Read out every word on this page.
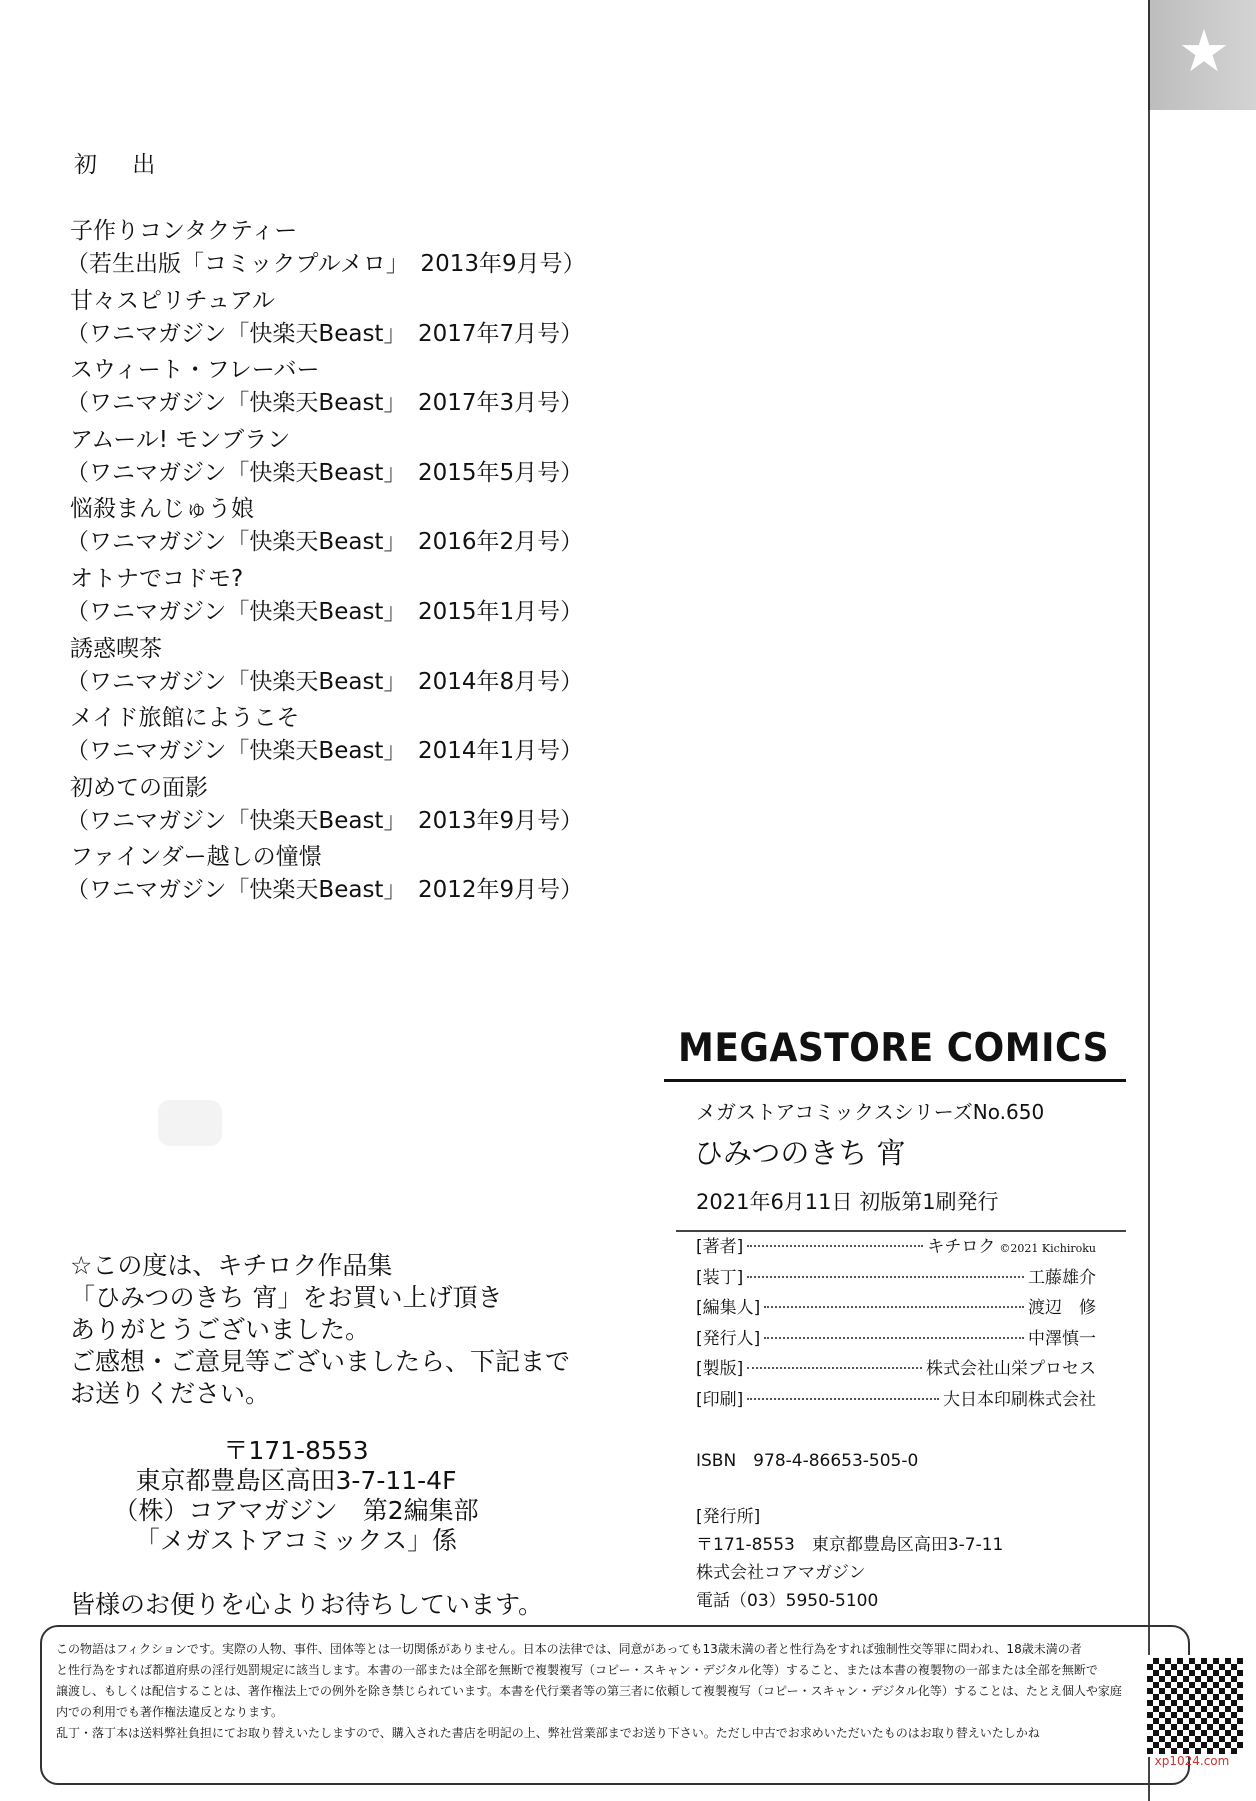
★
初 出
子作りコンタクティー
（若生出版「コミックプルメロ」　2013年9月号）
甘々スピリチュアル
（ワニマガジン「快楽天Beast」　2017年7月号）
スウィート・フレーバー
（ワニマガジン「快楽天Beast」　2017年3月号）
アムール! モンブラン
（ワニマガジン「快楽天Beast」　2015年5月号）
悩殺まんじゅう娘
（ワニマガジン「快楽天Beast」　2016年2月号）
オトナでコドモ?
（ワニマガジン「快楽天Beast」　2015年1月号）
誘惑喫茶
（ワニマガジン「快楽天Beast」　2014年8月号）
メイド旅館にようこそ
（ワニマガジン「快楽天Beast」　2014年1月号）
初めての面影
（ワニマガジン「快楽天Beast」　2013年9月号）
ファインダー越しの憧憬
（ワニマガジン「快楽天Beast」　2012年9月号）
MEGASTORE COMICS
メガストアコミックスシリーズNo.650
ひみつのきち 宵
2021年6月11日 初版第1刷発行
[著者]	キチロク ©2021 Kichiroku
[装丁]	工藤雄介
[編集人]	渡辺　修
[発行人]	中澤慎一
[製版]	株式会社山栄プロセス
[印刷]	大日本印刷株式会社
ISBN　978-4-86653-505-0
[発行所]
〒171-8553　東京都豊島区高田3-7-11
株式会社コアマガジン
電話（03）5950-5100
☆この度は、キチロク作品集
「ひみつのきち 宵」をお買い上げ頂き
ありがとうございました。
ご感想・ご意見等ございましたら、下記まで
お送りください。
〒171-8553
東京都豊島区高田3-7-11-4F
（株）コアマガジン　第2編集部
「メガストアコミックス」係
皆様のお便りを心よりお待ちしています。

この物語はフィクションです。実際の人物、事件、団体等とは一切関係がありません。日本の法律では、同意があっても13歳未満の者と性行為をすれば強制性交等罪に問われ、18歳未満の者

と性行為をすれば都道府県の淫行処罰規定に該当します。本書の一部または全部を無断で複製複写（コピー・スキャン・デジタル化等）すること、または本書の複製物の一部または全部を無断で

譲渡し、もしくは配信することは、著作権法上での例外を除き禁じられています。本書を代行業者等の第三者に依頼して複製複写（コピー・スキャン・デジタル化等）することは、たとえ個人や家庭

内での利用でも著作権法違反となります。

乱丁・落丁本は送料弊社負担にてお取り替えいたしますので、購入された書店を明記の上、弊社営業部までお送り下さい。ただし中古でお求めいただいたものはお取り替えいたしかね

xp1024.com
